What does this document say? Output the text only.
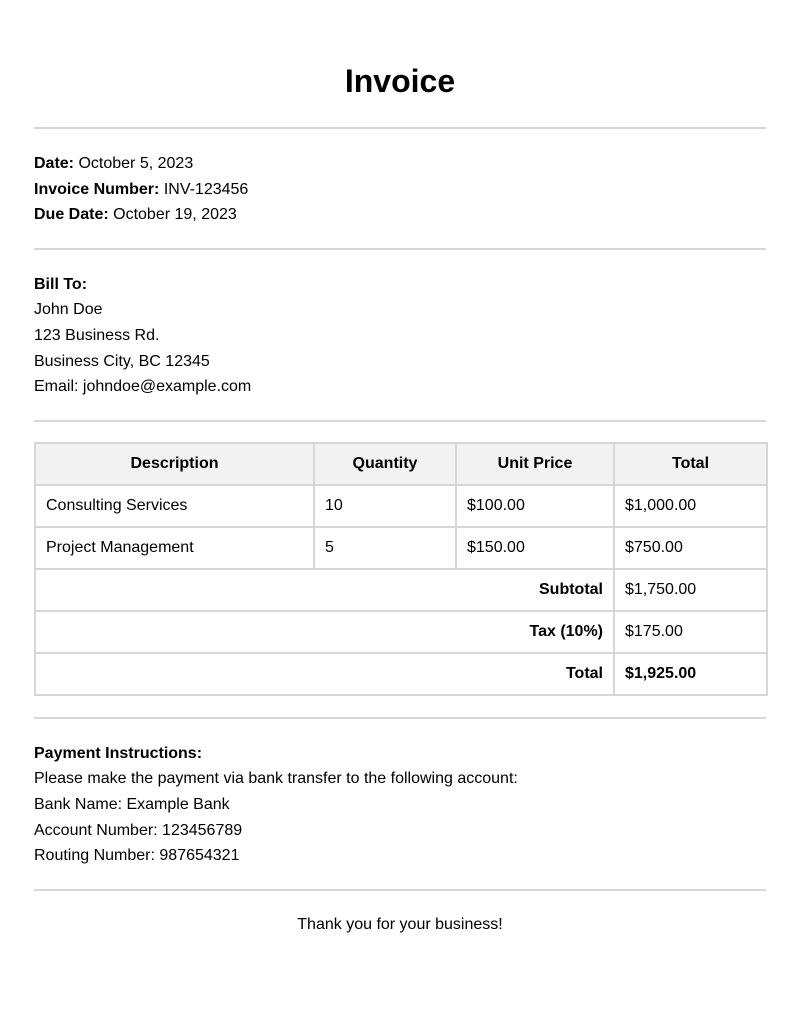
Invoice
Date: October 5, 2023
Invoice Number: INV-123456
Due Date: October 19, 2023
Bill To:
John Doe
123 Business Rd.
Business City, BC 12345
Email: johndoe@example.com
Description	Quantity	Unit Price	Total
Consulting Services	10	$100.00	$1,000.00
Project Management	5	$150.00	$750.00
Subtotal			$1,750.00
Tax (10%)			$175.00
Total			$1,925.00
Payment Instructions:
Please make the payment via bank transfer to the following account:
Bank Name: Example Bank
Account Number: 123456789
Routing Number: 987654321
Thank you for your business!
